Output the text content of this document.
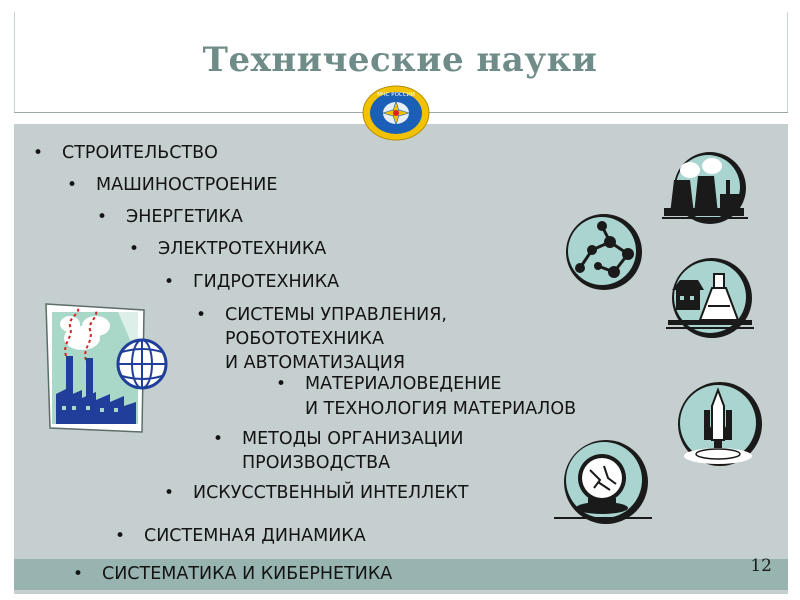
Технические науки
МЧС РОССИИ
• СТРОИТЕЛЬСТВО
• МАШИНОСТРОЕНИЕ
• ЭНЕРГЕТИКА
• ЭЛЕКТРОТЕХНИКА
• ГИДРОТЕХНИКА
• СИСТЕМЫ УПРАВЛЕНИЯ,
РОБОТОТЕХНИКА
И АВТОМАТИЗАЦИЯ
• МАТЕРИАЛОВЕДЕНИЕ
И ТЕХНОЛОГИЯ МАТЕРИАЛОВ
• МЕТОДЫ ОРГАНИЗАЦИИ
ПРОИЗВОДСТВА
• ИСКУССТВЕННЫЙ ИНТЕЛЛЕКТ
• СИСТЕМНАЯ ДИНАМИКА
• СИСТЕМАТИКА И КИБЕРНЕТИКА	12
